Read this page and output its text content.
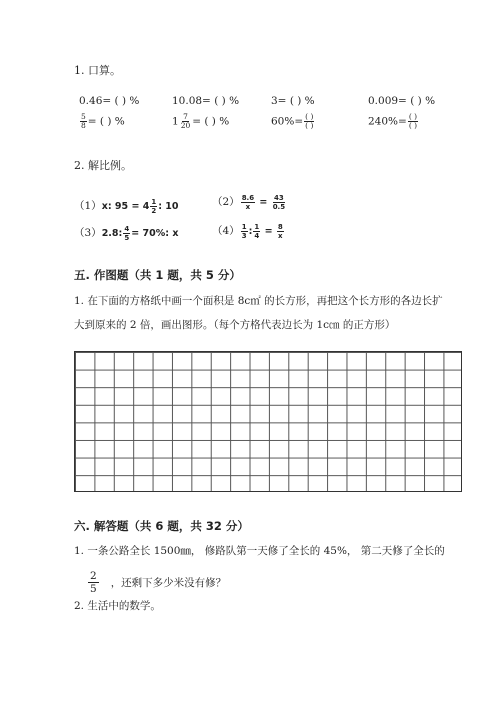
1. 口算。
0.46= ( ) %	10.08= ( ) %	3= ( ) %	0.009= ( ) %
$\frac{5}{8}$ = ( ) %	$1 \frac{7}{20}$ = ( ) %	$60\%= \frac{( )}{( )}$	$240\%= \frac{( )}{( )}$
2. 解比例。
（1）x: $95 = 4 \frac{1}{2}$ : 10	$(2) \frac{8.6}{x} = \frac{43}{0.5}$
（3）2.8: $\frac{4}{5} = 70\%$: x	$(4) \frac{1}{3}$ : $\frac{1}{4} = \frac{8}{x}$
五. 作图题（共 1 题，共 5 分）
1. 在下面的方格纸中画一个面积是 8c㎡ 的长方形，再把这个长方形的各边长扩
大到原来的 2 倍，画出图形。（每个方格代表边长为 1c㎝ 的正方形）
六. 解答题（共 6 题，共 32 分）
1. 一条公路全长 1500㎜， 修路队第一天修了全长的 45%， 第二天修了全长的
$\frac{2}{5}$ ，还剩下多少米没有修？
2. 生活中的数学。
